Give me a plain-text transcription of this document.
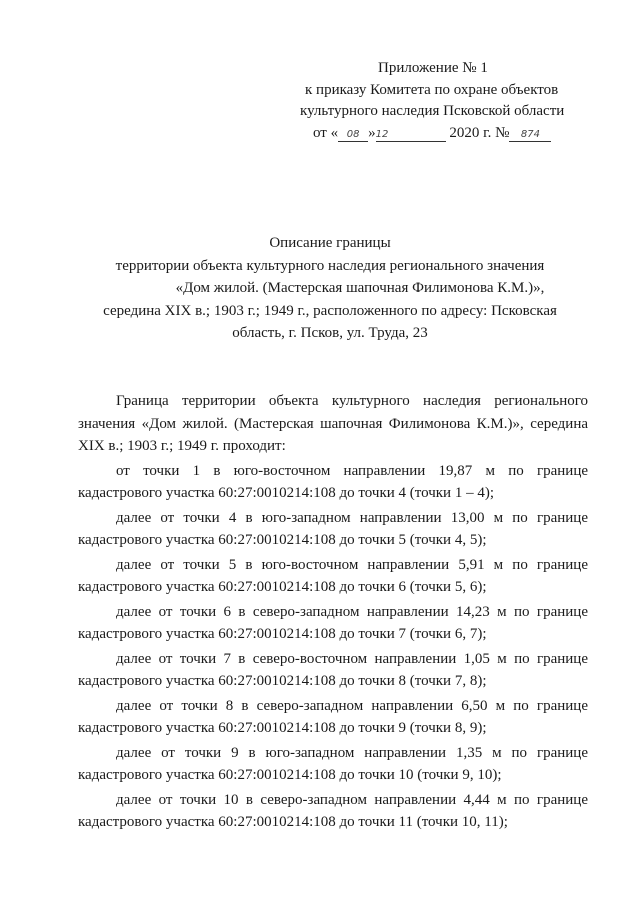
Приложение № 1
к приказу Комитета по охране объектов
культурного наследия Псковской области
от « 08 »12	2020 г. № 874
Описание границы
территории объекта культурного наследия регионального значения
«Дом жилой. (Мастерская шапочная Филимонова К.М.)»,
середина XIX в.; 1903 г.; 1949 г., расположенного по адресу: Псковская
область, г. Псков, ул. Труда, 23

Граница территории объекта культурного наследия регионального значения «Дом жилой. (Мастерская шапочная Филимонова К.М.)», середина XIX в.; 1903 г.; 1949 г. проходит:

от точки 1 в юго-восточном направлении 19,87 м по границе кадастрового участка 60:27:0010214:108 до точки 4 (точки 1 – 4);

далее от точки 4 в юго-западном направлении 13,00 м по границе кадастрового участка 60:27:0010214:108 до точки 5 (точки 4, 5);

далее от точки 5 в юго-восточном направлении 5,91 м по границе кадастрового участка 60:27:0010214:108 до точки 6 (точки 5, 6);

далее от точки 6 в северо-западном направлении 14,23 м по границе кадастрового участка 60:27:0010214:108 до точки 7 (точки 6, 7);

далее от точки 7 в северо-восточном направлении 1,05 м по границе кадастрового участка 60:27:0010214:108 до точки 8 (точки 7, 8);

далее от точки 8 в северо-западном направлении 6,50 м по границе кадастрового участка 60:27:0010214:108 до точки 9 (точки 8, 9);

далее от точки 9 в юго-западном направлении 1,35 м по границе кадастрового участка 60:27:0010214:108 до точки 10 (точки 9, 10);

далее от точки 10 в северо-западном направлении 4,44 м по границе кадастрового участка 60:27:0010214:108 до точки 11 (точки 10, 11);
